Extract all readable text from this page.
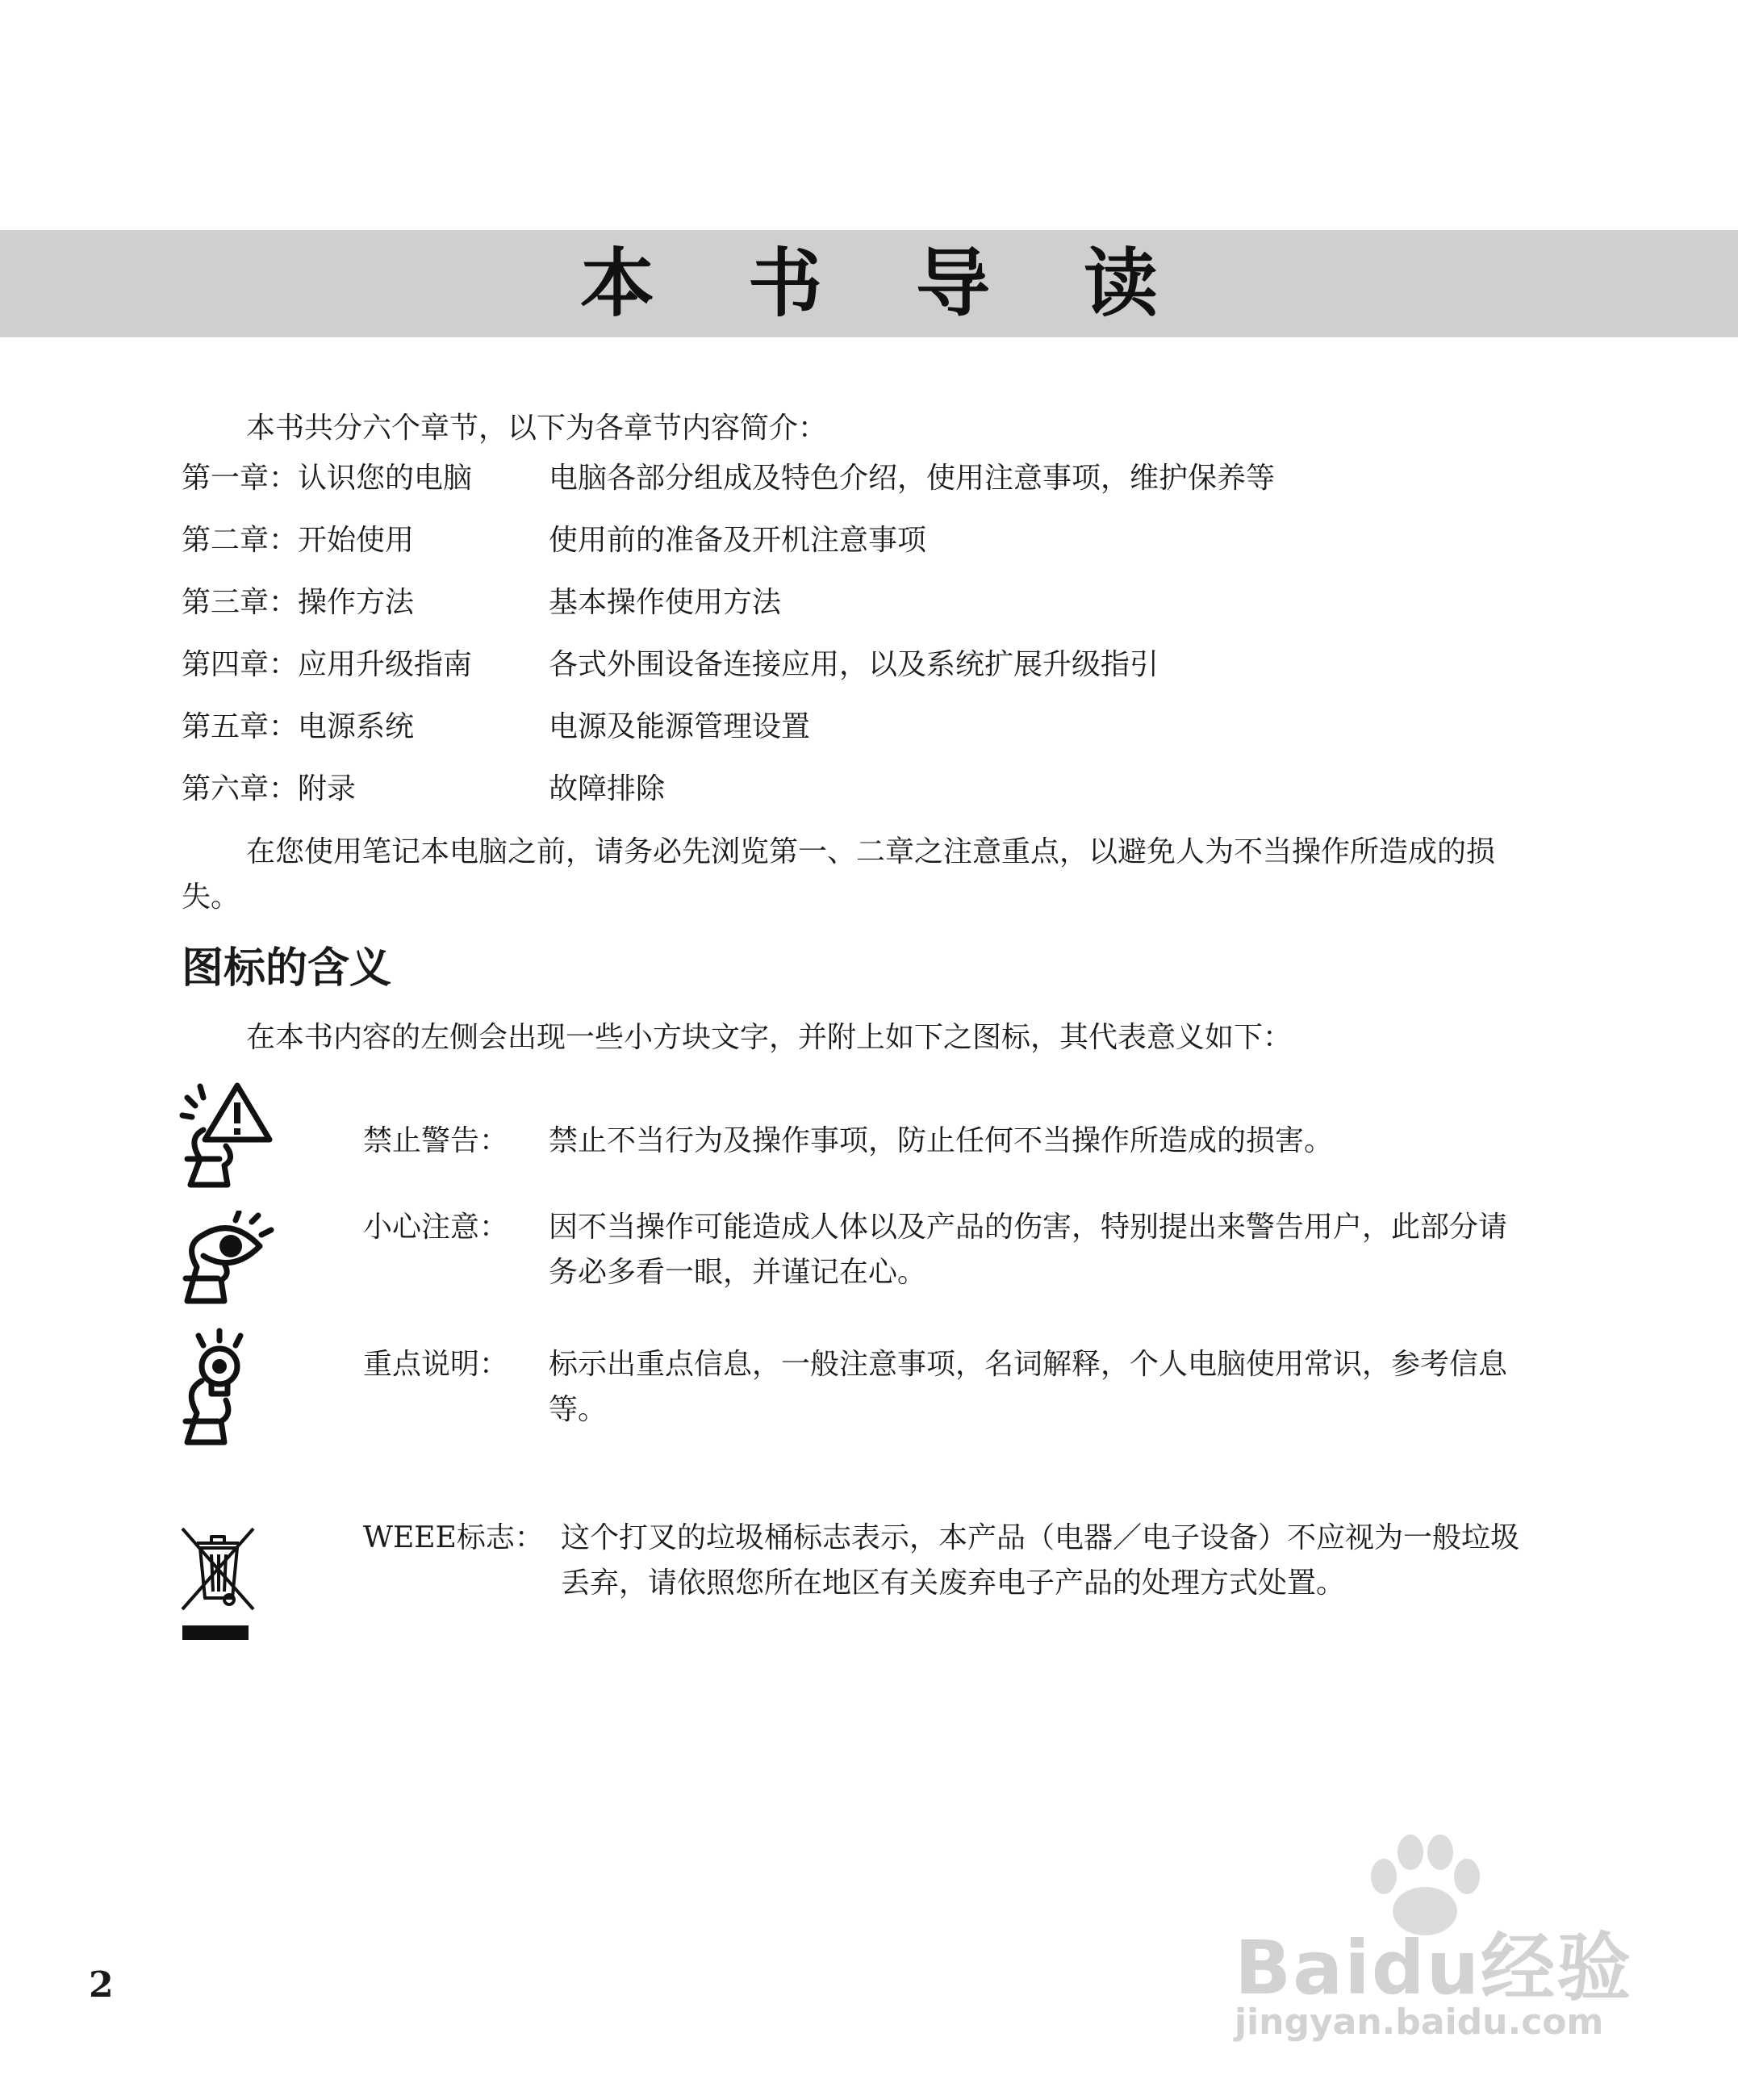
本 书 导 读
本书共分六个章节，以下为各章节内容简介：
第一章：认识您的电脑	电脑各部分组成及特色介绍，使用注意事项，维护保养等
第二章：开始使用	使用前的准备及开机注意事项
第三章：操作方法	基本操作使用方法
第四章：应用升级指南	各式外围设备连接应用，以及系统扩展升级指引
第五章：电源系统	电源及能源管理设置
第六章：附录	故障排除
在您使用笔记本电脑之前，请务必先浏览第一、二章之注意重点，以避免人为不当操作所造成的损失。
图标的含义
在本书内容的左侧会出现一些小方块文字，并附上如下之图标，其代表意义如下：
禁止警告： 禁止不当行为及操作事项，防止任何不当操作所造成的损害。
小心注意： 因不当操作可能造成人体以及产品的伤害，特别提出来警告用户，此部分请务必多看一眼，并谨记在心。
重点说明： 标示出重点信息，一般注意事项，名词解释，个人电脑使用常识，参考信息等。
WEEE标志： 这个打叉的垃圾桶标志表示，本产品（电器／电子设备）不应视为一般垃圾丢弃，请依照您所在地区有关废弃电子产品的处理方式处置。
2	Baidu经验
jingyan.baidu.com
